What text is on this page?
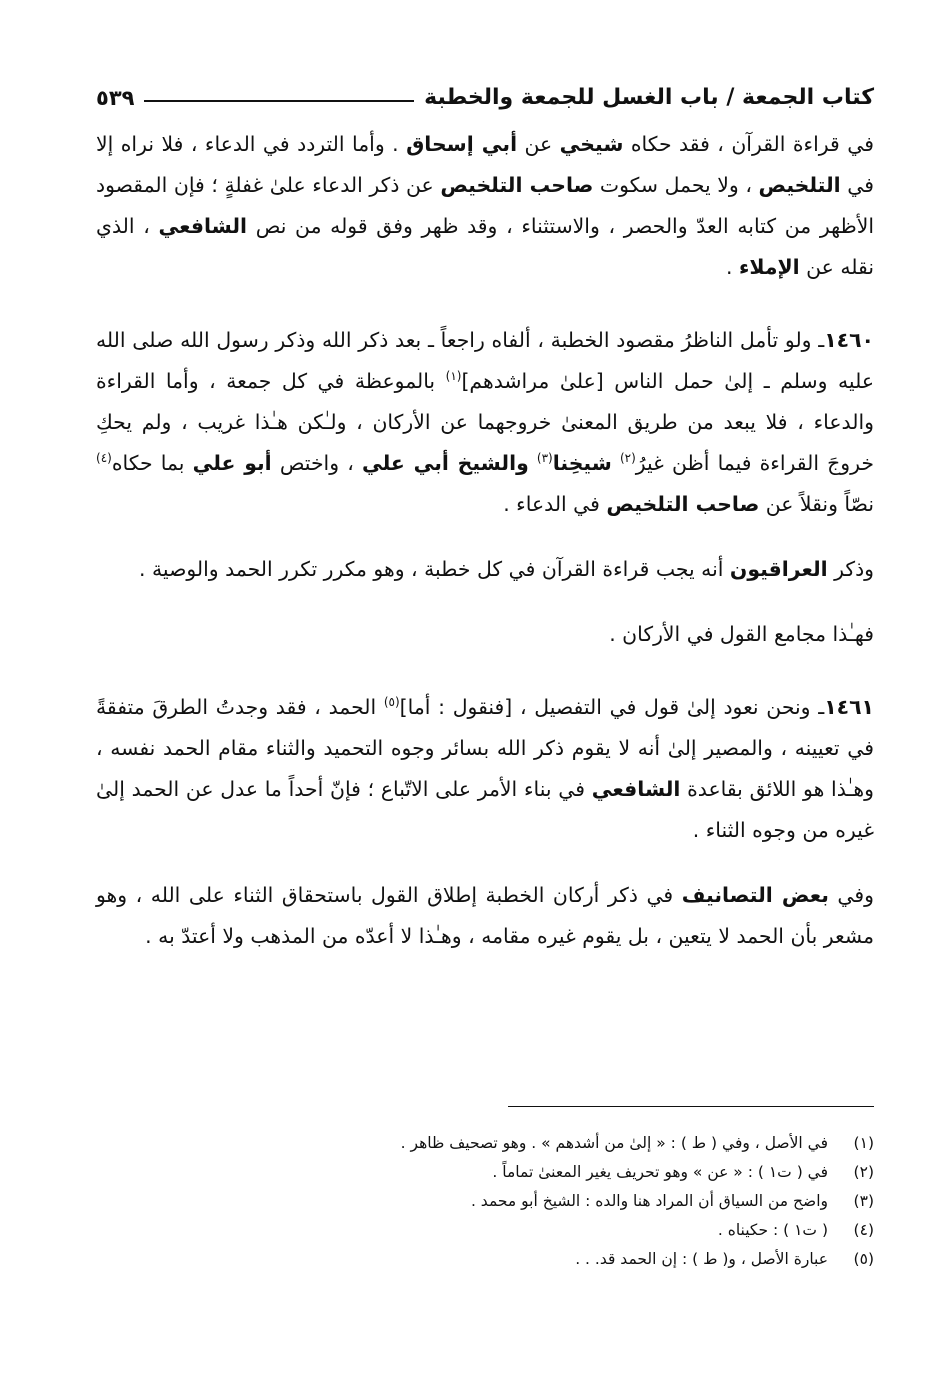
كتاب الجمعة / باب الغسل للجمعة والخطبة
٥٣٩

في قراءة القرآن ، فقد حكاه شيخي عن أبي إسحاق . وأما التردد في الدعاء ، فلا نراه إلا في التلخيص ، ولا يحمل سكوت صاحب التلخيص عن ذكر الدعاء علىٰ غفلةٍ ؛ فإن المقصود الأظهر من كتابه العدّ والحصر ، والاستثناء ، وقد ظهر وفق قوله من نص الشافعي ، الذي نقله عن الإملاء .

١٤٦٠ـ ولو تأمل الناظرُ مقصود الخطبة ، ألفاه راجعاً ـ بعد ذكر الله وذكر رسول الله صلى الله عليه وسلم ـ إلىٰ حمل الناس [علىٰ مراشدهم]$^{(١)}$ بالموعظة في كل جمعة ، وأما القراءة والدعاء ، فلا يبعد من طريق المعنىٰ خروجهما عن الأركان ، ولـٰكن هـٰذا غريب ، ولم يحكِ خروجَ القراءة فيما أظن غيرُ$^{(٢)}$ شيخِنا$^{(٣)}$ والشيخ أبي علي ، واختص أبو علي بما حكاه$^{(٤)}$ نصّاً ونقلاً عن صاحب التلخيص في الدعاء .

وذكر العراقيون أنه يجب قراءة القرآن في كل خطبة ، وهو مكرر تكرر الحمد والوصية .

فهـٰذا مجامع القول في الأركان .

١٤٦١ـ ونحن نعود إلىٰ قول في التفصيل ، [فنقول : أما]$^{(٥)}$ الحمد ، فقد وجدتُ الطرقَ متفقةً في تعيينه ، والمصير إلىٰ أنه لا يقوم ذكر الله بسائر وجوه التحميد والثناء مقام الحمد نفسه ، وهـٰذا هو اللائق بقاعدة الشافعي في بناء الأمر على الاتّباع ؛ فإنّ أحداً ما عدل عن الحمد إلىٰ غيره من وجوه الثناء .

وفي بعض التصانيف في ذكر أركان الخطبة إطلاق القول باستحقاق الثناء على الله ، وهو مشعر بأن الحمد لا يتعين ، بل يقوم غيره مقامه ، وهـٰذا لا أعدّه من المذهب ولا أعتدّ به .

(١)
في الأصل ، وفي ( ط ) : « إلىٰ من أشدهم » . وهو تصحيف ظاهر .
(٢)
في ( ت١ ) : « عن » وهو تحريف يغير المعنىٰ تماماً .
(٣)
واضح من السياق أن المراد هنا والده : الشيخ أبو محمد .
(٤)
( ت١ ) : حكيناه .
(٥)
عبارة الأصل ، و( ط ) : إن الحمد قد. . .
